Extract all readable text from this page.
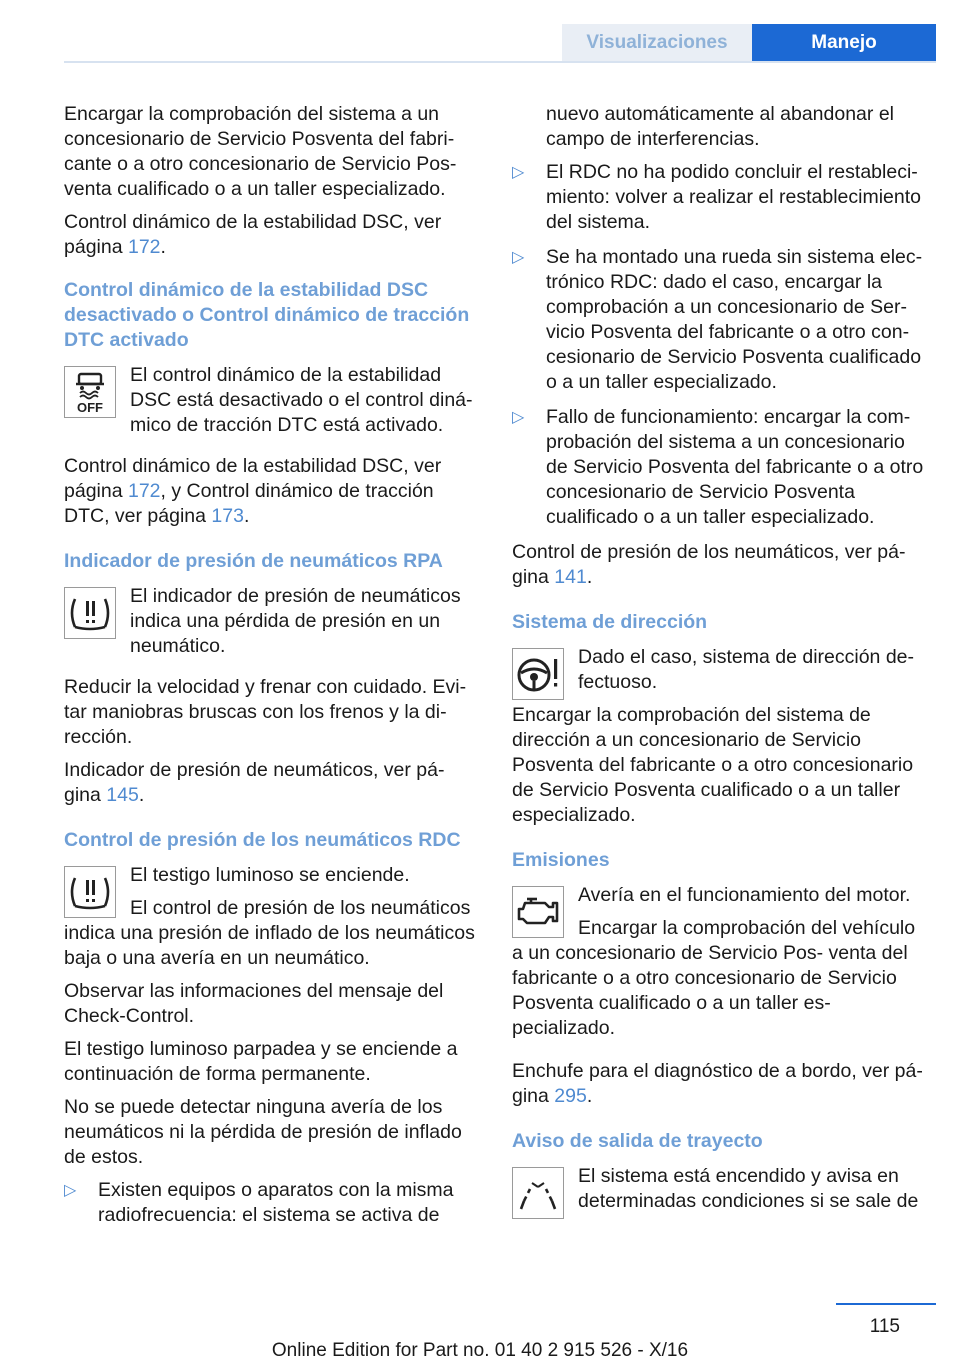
Visualizaciones	Manejo

Encargar la comprobación del sistema a un concesionario de Servicio Posventa del fabri‐ cante o a otro concesionario de Servicio Pos‐ venta cualificado o a un taller especializado.

Control dinámico de la estabilidad DSC, ver página 172.

Control dinámico de la estabilidad DSC desactivado o Control dinámico de tracción DTC activado
OFF

El control dinámico de la estabilidad DSC está desactivado o el control diná‐ mico de tracción DTC está activado.

Control dinámico de la estabilidad DSC, ver página 172, y Control dinámico de tracción DTC, ver página 173.

Indicador de presión de neumáticos RPA

El indicador de presión de neumáticos indica una pérdida de presión en un neumático.

Reducir la velocidad y frenar con cuidado. Evi‐ tar maniobras bruscas con los frenos y la di‐ rección.

Indicador de presión de neumáticos, ver pá‐ gina 145.

Control de presión de los neumáticos RDC

El testigo luminoso se enciende.

El control de presión de los neumáticos indica una presión de inflado de los neumáticos baja o una avería en un neumático.

Observar las informaciones del mensaje del Check-Control.

El testigo luminoso parpadea y se enciende a continuación de forma permanente.

No se puede detectar ninguna avería de los neumáticos ni la pérdida de presión de inflado de estos.

▷ Existen equipos o aparatos con la misma radiofrecuencia: el sistema se activa de

nuevo automáticamente al abandonar el campo de interferencias.

▷ El RDC no ha podido concluir el restableci‐ miento: volver a realizar el restablecimiento del sistema.
▷ Se ha montado una rueda sin sistema elec‐ trónico RDC: dado el caso, encargar la comprobación a un concesionario de Ser‐ vicio Posventa del fabricante o a otro con‐ cesionario de Servicio Posventa cualificado o a un taller especializado.
▷ Fallo de funcionamiento: encargar la com‐ probación del sistema a un concesionario de Servicio Posventa del fabricante o a otro concesionario de Servicio Posventa cualificado o a un taller especializado.

Control de presión de los neumáticos, ver pá‐ gina 141.

Sistema de dirección

Dado el caso, sistema de dirección de‐ fectuoso.

Encargar la comprobación del sistema de dirección a un concesionario de Servicio Posventa del fabricante o a otro concesionario de Servicio Posventa cualificado o a un taller especializado.

Emisiones

Avería en el funcionamiento del motor.

Encargar la comprobación del vehículo a un concesionario de Servicio Pos‐ venta del fabricante o a otro concesionario de Servicio Posventa cualificado o a un taller es‐ pecializado.

Enchufe para el diagnóstico de a bordo, ver pá‐ gina 295.

Aviso de salida de trayecto

El sistema está encendido y avisa en determinadas condiciones si se sale de

115
Online Edition for Part no. 01 40 2 915 526 - X/16
